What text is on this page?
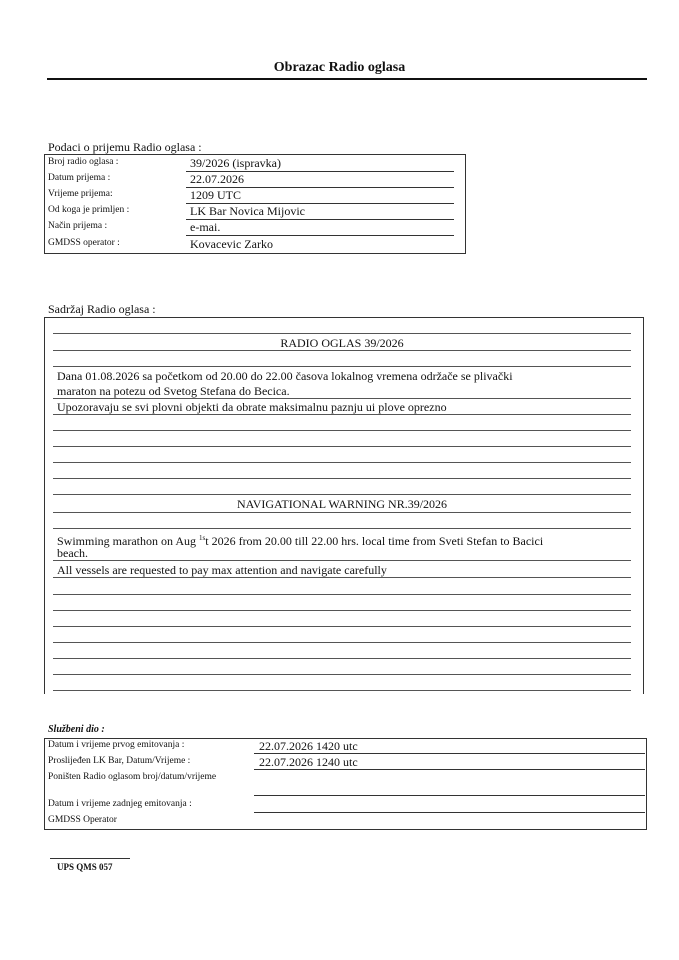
Obrazac Radio oglasa
Podaci o prijemu Radio oglasa :
Broj radio oglasa :	39/2026 (ispravka)
Datum prijema :	22.07.2026
Vrijeme prijema:	1209 UTC
Od koga je primljen :	LK Bar Novica Mijovic
Način prijema :	e-mai.
GMDSS operator :	Kovacevic Zarko
Sadržaj Radio oglasa :
RADIO OGLAS 39/2026
Dana 01.08.2026 sa početkom od 20.00 do 22.00 časova lokalnog vremena održače se plivački
maraton na potezu od Svetog Stefana do Becica.
Upozoravaju se svi plovni objekti da obrate maksimalnu paznju ui plove oprezno
NAVIGATIONAL WARNING NR.39/2026
Swimming marathon on Aug $^{1s}$t 2026 from 20.00 till 22.00 hrs. local time from Sveti Stefan to Bacici
beach.
All vessels are requested to pay max attention and navigate carefully
Službeni dio :
Datum i vrijeme prvog emitovanja :	22.07.2026 1420 utc
Proslijeđen LK Bar, Datum/Vrijeme :	22.07.2026 1240 utc
Poništen Radio oglasom broj/datum/vrijeme
Datum i vrijeme zadnjeg emitovanja :
GMDSS Operator
UPS QMS 057
